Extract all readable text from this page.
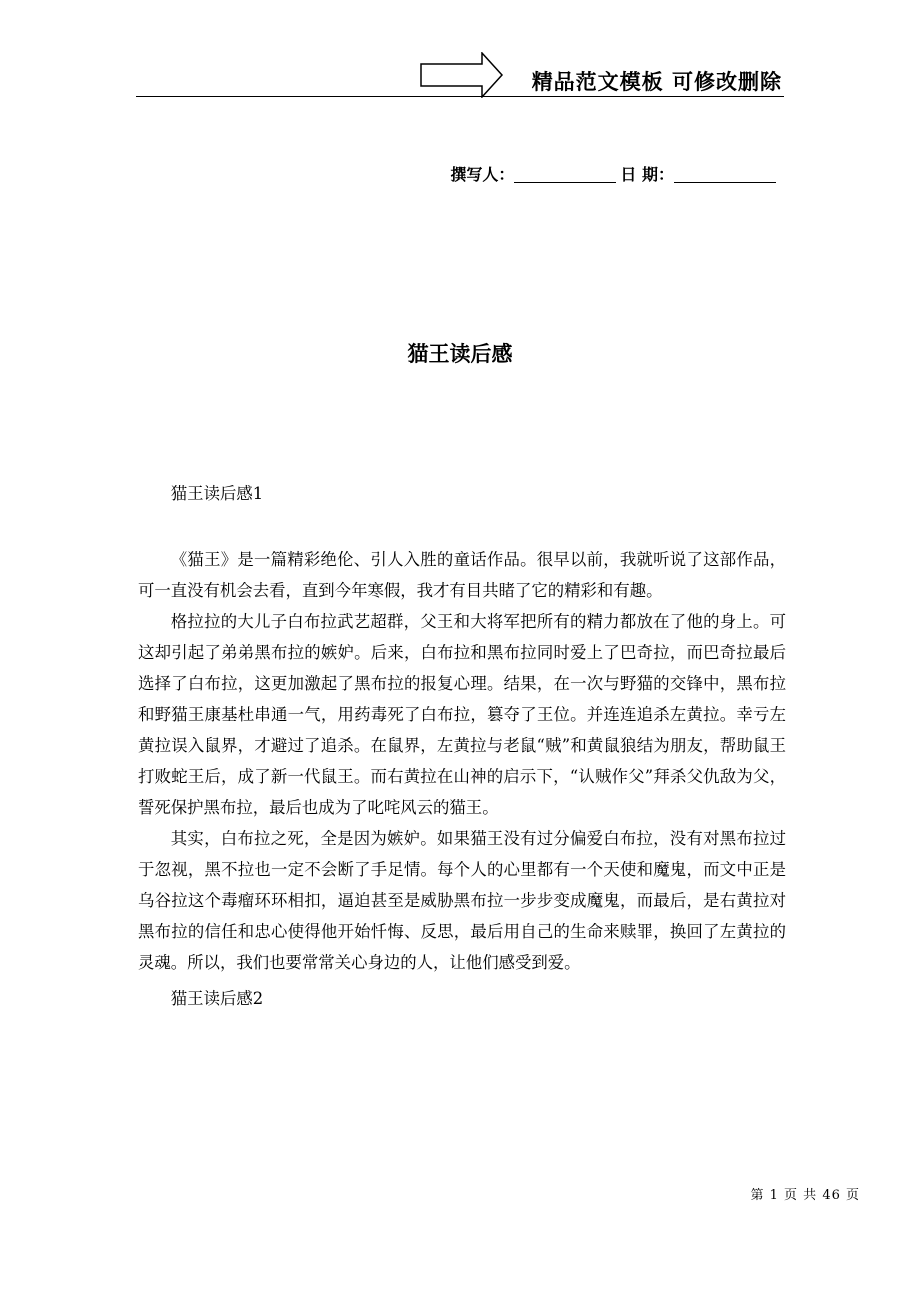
精品范文模板 可修改删除
撰写人：	日 期：
猫王读后感
猫王读后感1

《猫王》是一篇精彩绝伦、引人入胜的童话作品。很早以前，我就听说了这部作品，可一直没有机会去看，直到今年寒假，我才有目共睹了它的精彩和有趣。

格拉拉的大儿子白布拉武艺超群，父王和大将军把所有的精力都放在了他的身上。可这却引起了弟弟黑布拉的嫉妒。后来，白布拉和黑布拉同时爱上了巴奇拉，而巴奇拉最后选择了白布拉，这更加激起了黑布拉的报复心理。结果，在一次与野猫的交锋中，黑布拉和野猫王康基杜串通一气，用药毒死了白布拉，篡夺了王位。并连连追杀左黄拉。幸亏左黄拉误入鼠界，才避过了追杀。在鼠界，左黄拉与老鼠“贼”和黄鼠狼结为朋友，帮助鼠王打败蛇王后，成了新一代鼠王。而右黄拉在山神的启示下，“认贼作父”拜杀父仇敌为父，誓死保护黑布拉，最后也成为了叱咤风云的猫王。

其实，白布拉之死，全是因为嫉妒。如果猫王没有过分偏爱白布拉，没有对黑布拉过于忽视，黑不拉也一定不会断了手足情。每个人的心里都有一个天使和魔鬼，而文中正是乌谷拉这个毒瘤环环相扣，逼迫甚至是威胁黑布拉一步步变成魔鬼，而最后，是右黄拉对黑布拉的信任和忠心使得他开始忏悔、反思，最后用自己的生命来赎罪，换回了左黄拉的灵魂。所以，我们也要常常关心身边的人，让他们感受到爱。

猫王读后感2
第 1 页 共 46 页
